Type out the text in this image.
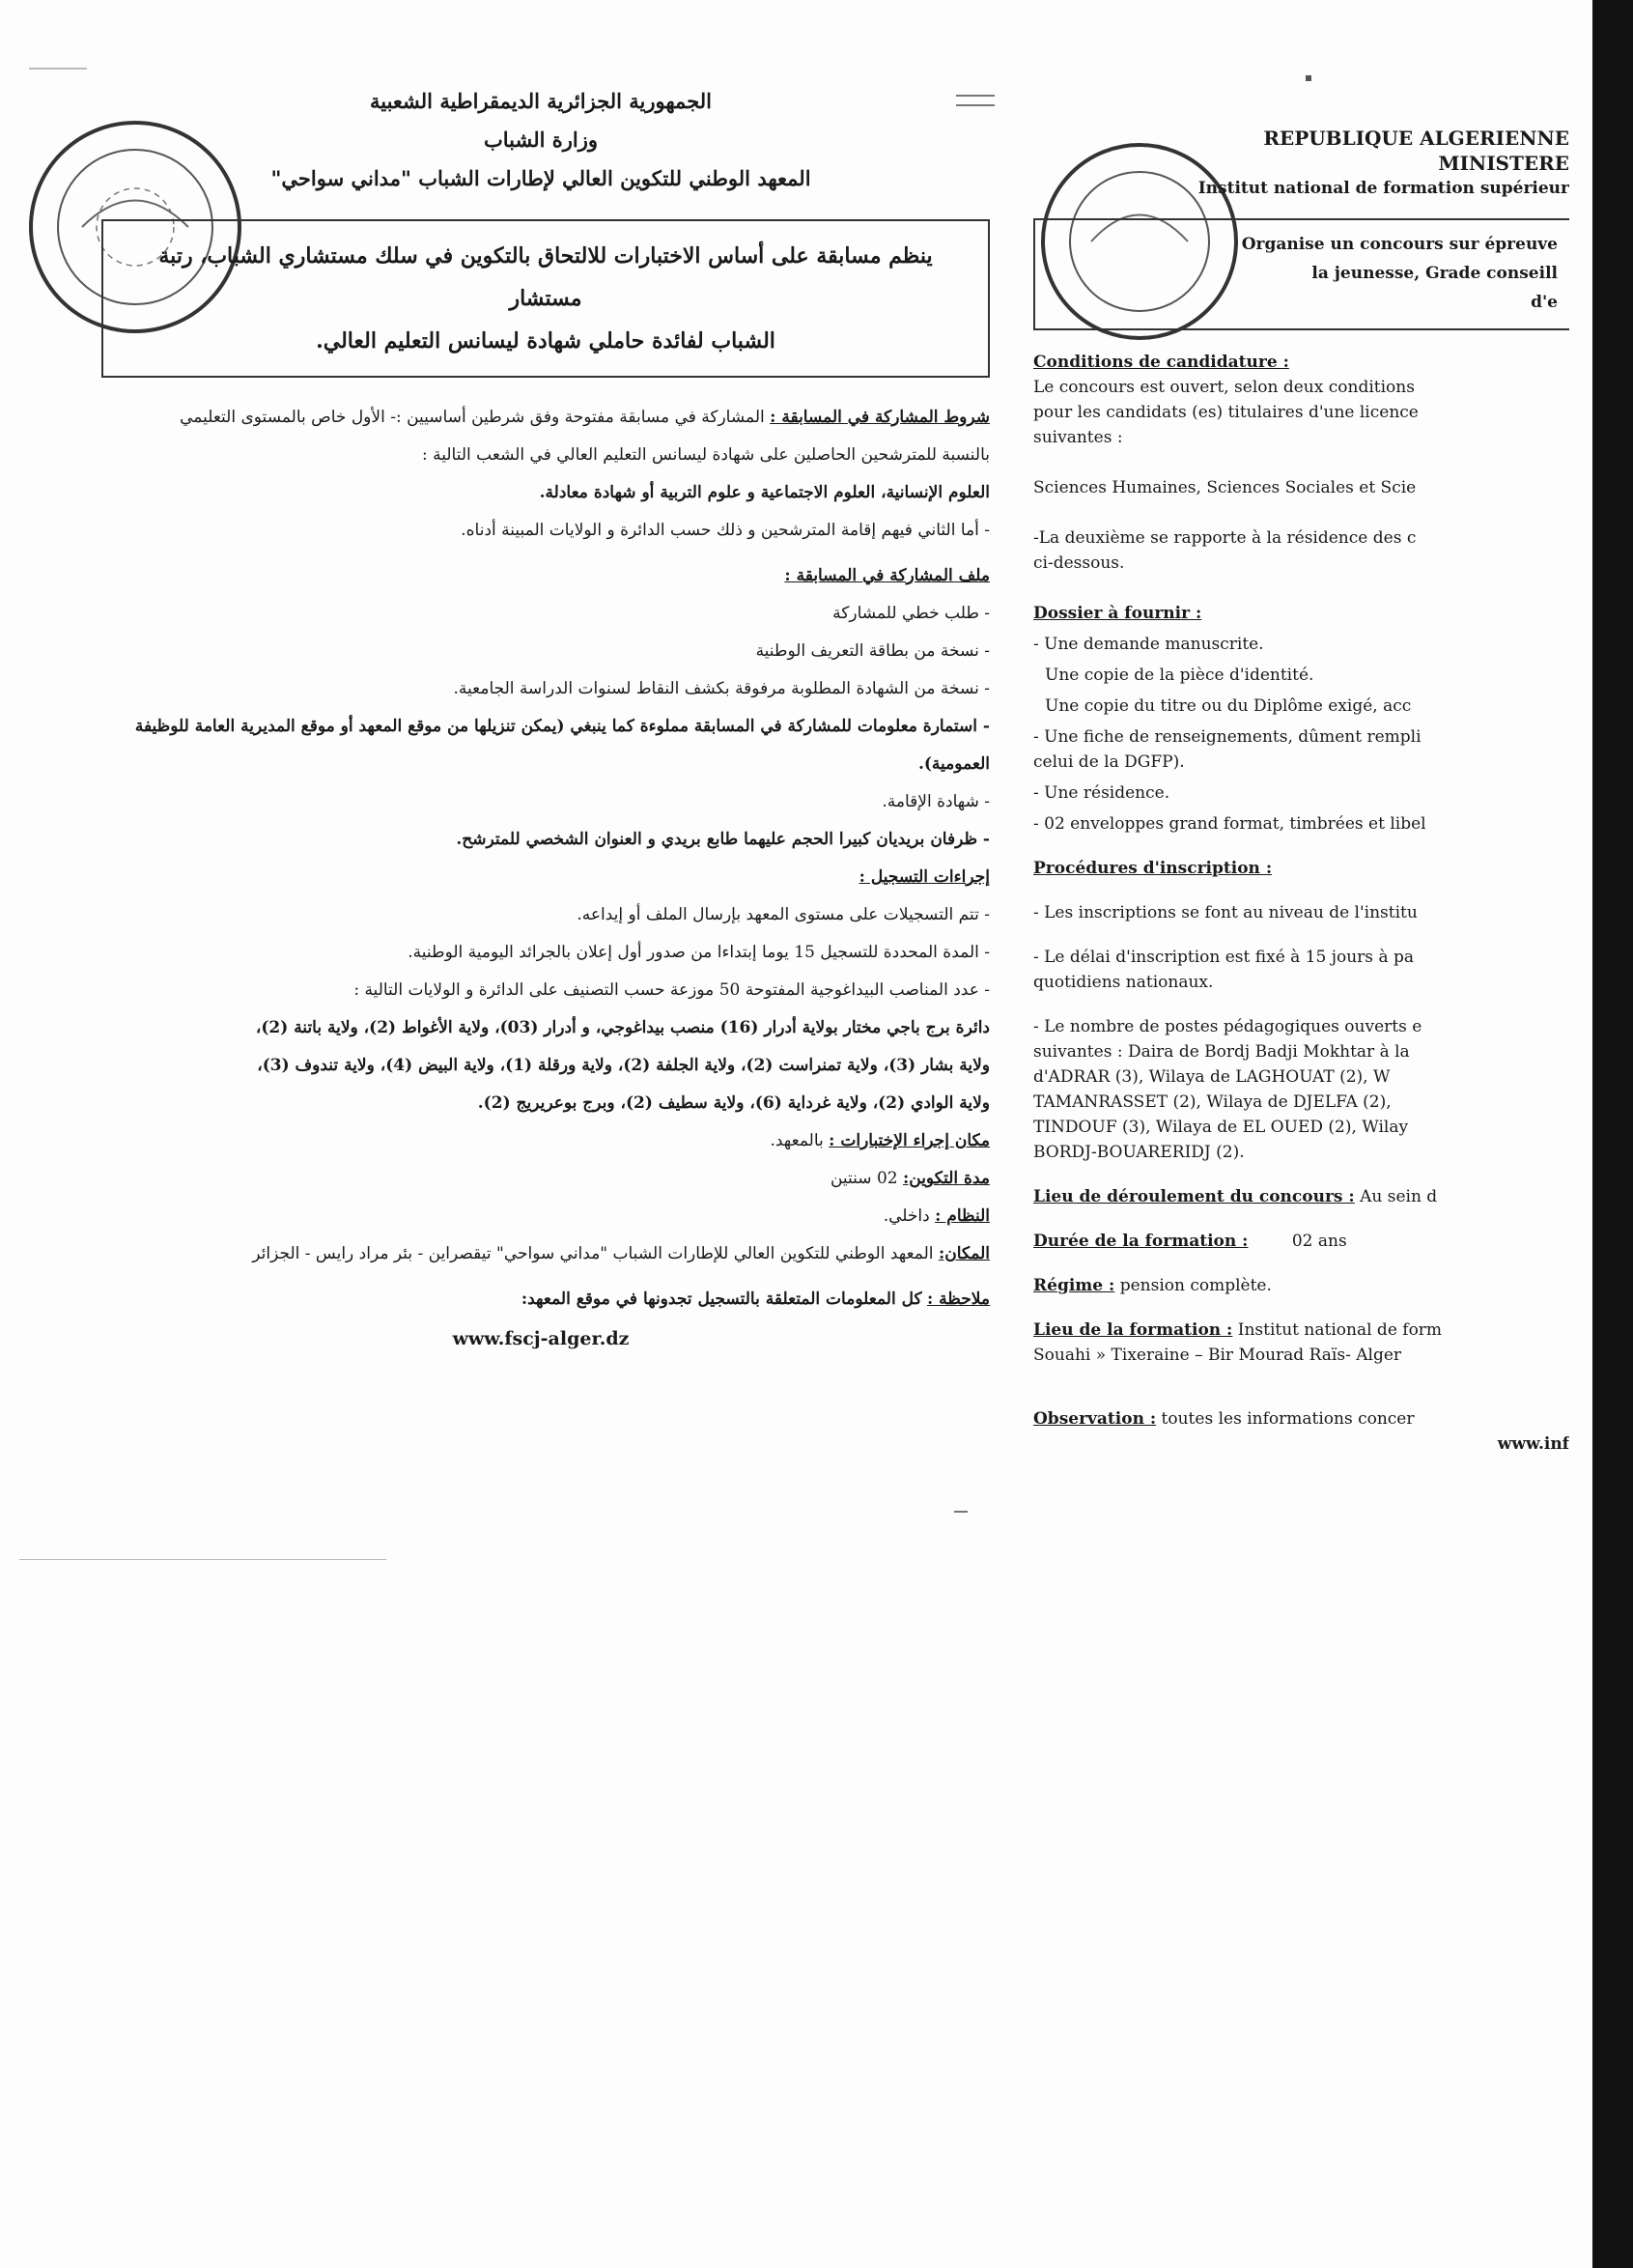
الجمهورية الجزائرية الديمقراطية الشعبية
وزارة الشباب
المعهد الوطني للتكوين العالي لإطارات الشباب "مداني سواحي"
ينظم مسابقة على أساس الاختبارات للالتحاق بالتكوين في سلك مستشاري الشباب، رتبة مستشار
الشباب لفائدة حاملي شهادة ليسانس التعليم العالي.

شروط المشاركة في المسابقة : المشاركة في مسابقة مفتوحة وفق شرطين أساسيين :- الأول خاص بالمستوى التعليمي

بالنسبة للمترشحين الحاصلين على شهادة ليسانس التعليم العالي في الشعب التالية :

العلوم الإنسانية، العلوم الاجتماعية و علوم التربية أو شهادة معادلة.

- أما الثاني فيهم إقامة المترشحين و ذلك حسب الدائرة و الولايات المبينة أدناه.

ملف المشاركة في المسابقة :

- طلب خطي للمشاركة

- نسخة من بطاقة التعريف الوطنية

- نسخة من الشهادة المطلوبة مرفوقة بكشف النقاط لسنوات الدراسة الجامعية.

- استمارة معلومات للمشاركة في المسابقة مملوءة كما ينبغي (يمكن تنزيلها من موقع المعهد أو موقع المديرية العامة للوظيفة العمومية).

- شهادة الإقامة.

- ظرفان بريديان كبيرا الحجم عليهما طابع بريدي و العنوان الشخصي للمترشح.

إجراءات التسجيل :

- تتم التسجيلات على مستوى المعهد بإرسال الملف أو إيداعه.

- المدة المحددة للتسجيل 15 يوما إبتداءا من صدور أول إعلان بالجرائد اليومية الوطنية.

- عدد المناصب البيداغوجية المفتوحة 50 موزعة حسب التصنيف على الدائرة و الولايات التالية :

دائرة برج باجي مختار بولاية أدرار (16) منصب بيداغوجي، و أدرار (03)، ولاية الأغواط (2)، ولاية باتنة (2)،

ولاية بشار (3)، ولاية تمنراست (2)، ولاية الجلفة (2)، ولاية ورقلة (1)، ولاية البيض (4)، ولاية تندوف (3)،

ولاية الوادي (2)، ولاية غرداية (6)، ولاية سطيف (2)، وبرج بوعريريج (2).

مكان إجراء الإختبارات : بالمعهد.

مدة التكوين: 02 سنتين

النظام : داخلي.

المكان: المعهد الوطني للتكوين العالي للإطارات الشباب "مداني سواحي" تيقصراين - بئر مراد رايس - الجزائر

ملاحظة : كل المعلومات المتعلقة بالتسجيل تجدونها في موقع المعهد:

www.fscj-alger.dz
REPUBLIQUE ALGERIENNE
MINISTERE
Institut national de formation supérieur
Organise un concours sur épreuve
la jeunesse, Grade conseill
d'e
Conditions de candidature :
Le concours est ouvert, selon deux conditions
pour les candidats (es) titulaires d'une licence
suivantes :
Sciences Humaines, Sciences Sociales et Scie
-La deuxième se rapporte à la résidence des c
ci-dessous.
Dossier à fournir :
- Une demande manuscrite.
Une copie de la pièce d'identité.
Une copie du titre ou du Diplôme exigé, acc
- Une fiche de renseignements, dûment rempli
celui de la DGFP).
- Une résidence.
- 02 enveloppes grand format, timbrées et libel
Procédures d'inscription :
- Les inscriptions se font au niveau de l'institu
- Le délai d'inscription est fixé à 15 jours à pa
quotidiens nationaux.
- Le nombre de postes pédagogiques ouverts e
suivantes : Daira de Bordj Badji Mokhtar à la
d'ADRAR (3), Wilaya de LAGHOUAT (2), W
TAMANRASSET (2), Wilaya de DJELFA (2),
TINDOUF (3), Wilaya de EL OUED (2), Wilay
BORDJ-BOUARERIDJ (2).
Lieu de déroulement du concours : Au sein d
Durée de la formation :	02 ans
Régime : pension complète.
Lieu de la formation : Institut national de form
Souahi » Tixeraine – Bir Mourad Raïs- Alger
Observation : toutes les informations concer
www.inf
